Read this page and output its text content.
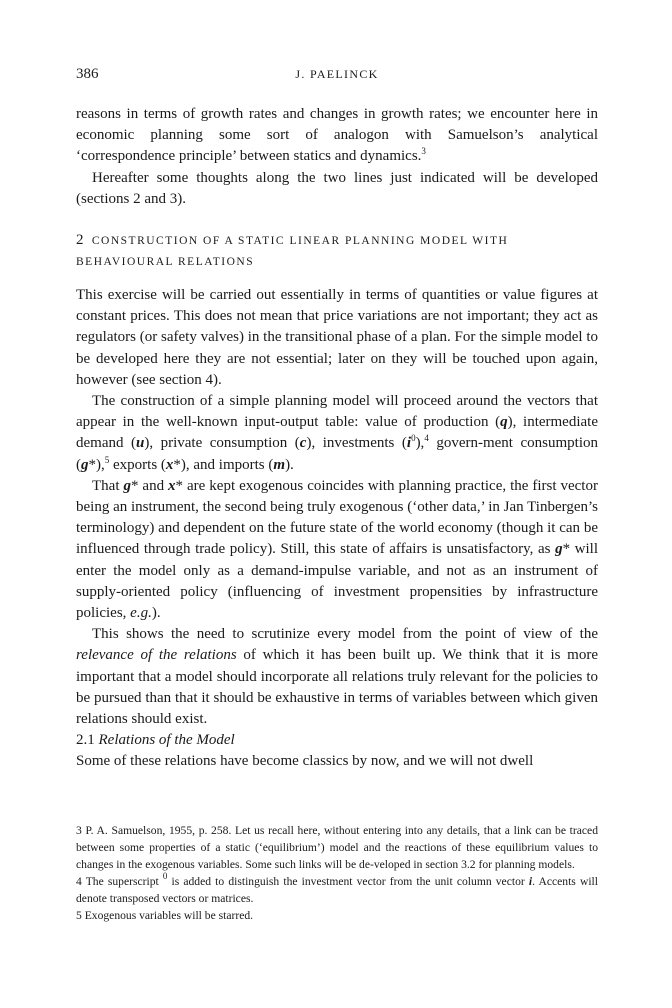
386	J. PAELINCK

reasons in terms of growth rates and changes in growth rates; we encounter here in economic planning some sort of analogon with Samuelson’s analytical ‘correspondence principle’ between statics and dynamics.$^3$

Hereafter some thoughts along the two lines just indicated will be developed (sections 2 and 3).

2 CONSTRUCTION OF A STATIC LINEAR PLANNING MODEL WITH BEHAVIOURAL RELATIONS

This exercise will be carried out essentially in terms of quantities or value figures at constant prices. This does not mean that price variations are not important; they act as regulators (or safety valves) in the transitional phase of a plan. For the simple model to be developed here they are not essential; later on they will be touched upon again, however (see section 4).

The construction of a simple planning model will proceed around the vectors that appear in the well-known input-output table: value of production (q), intermediate demand (u), private consumption (c), investments $(i^0),^4$ govern-ment consumption (g*),$^5$ exports (x*), and imports (m).

That g* and x* are kept exogenous coincides with planning practice, the first vector being an instrument, the second being truly exogenous (‘other data,’ in Jan Tinbergen’s terminology) and dependent on the future state of the world economy (though it can be influenced through trade policy). Still, this state of affairs is unsatisfactory, as g* will enter the model only as a demand-impulse variable, and not as an instrument of supply-oriented policy (influencing of investment propensities by infrastructure policies, e.g.).

This shows the need to scrutinize every model from the point of view of the relevance of the relations of which it has been built up. We think that it is more important that a model should incorporate all relations truly relevant for the policies to be pursued than that it should be exhaustive in terms of variables between which given relations should exist.

2.1 Relations of the Model

Some of these relations have become classics by now, and we will not dwell

3 P. A. Samuelson, 1955, p. 258. Let us recall here, without entering into any details, that a link can be traced between some properties of a static (‘equilibrium’) model and the reactions of these equilibrium values to changes in the exogenous variables. Some such links will be de-veloped in section 3.2 for planning models.

4 The superscript $^0$ is added to distinguish the investment vector from the unit column vector i. Accents will denote transposed vectors or matrices.

5 Exogenous variables will be starred.
